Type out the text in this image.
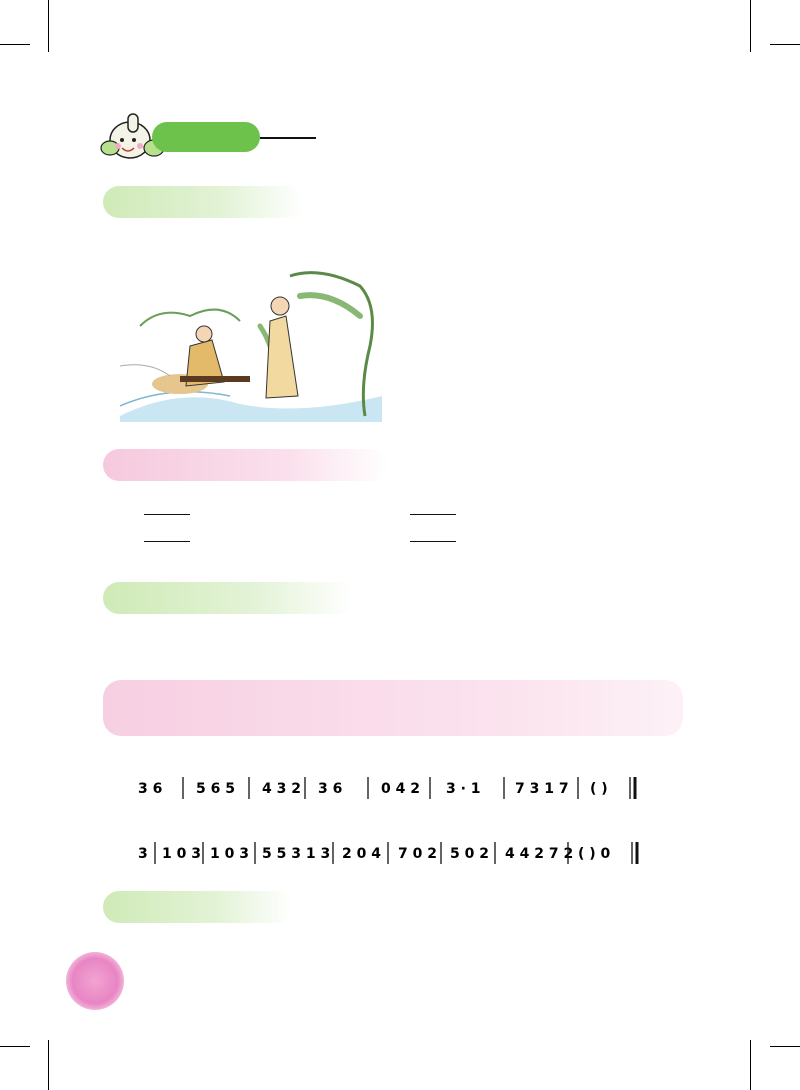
3 6 5 6 5 4 3 2 3 6	0 4 2 3 · 1 7 3 1 7 ( )
3 1 0 3 1 0 3 5 5 3 1 3 2 0 4 7 0 2 5 0 2 4 4 2 7 2 ( ) 0
